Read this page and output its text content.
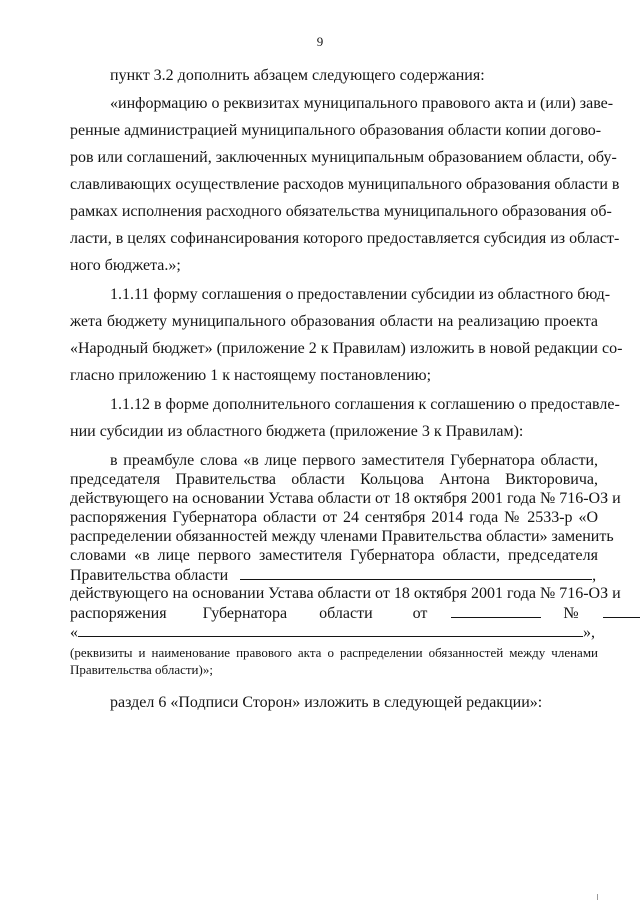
9
пункт 3.2 дополнить абзацем следующего содержания:
«информацию о реквизитах муниципального правового акта и (или) заве-
ренные администрацией муниципального образования области копии догово-
ров или соглашений, заключенных муниципальным образованием области, обу-
славливающих осуществление расходов муниципального образования области в
рамках исполнения расходного обязательства муниципального образования об-
ласти, в целях софинансирования которого предоставляется субсидия из област-
ного бюджета.»;
1.1.11 форму соглашения о предоставлении субсидии из областного бюд-
жета бюджету муниципального образования области на реализацию проекта
«Народный бюджет» (приложение 2 к Правилам) изложить в новой редакции со-
гласно приложению 1 к настоящему постановлению;
1.1.12 в форме дополнительного соглашения к соглашению о предоставле-
нии субсидии из областного бюджета (приложение 3 к Правилам):
в преамбуле слова «в лице первого заместителя Губернатора области,
председателя Правительства области Кольцова Антона Викторовича,
действующего на основании Устава области от 18 октября 2001 года № 716-ОЗ и
распоряжения Губернатора области от 24 сентября 2014 года № 2533-р «О
распределении обязанностей между членами Правительства области» заменить
словами «в лице первого заместителя Губернатора области, председателя
Правительства области	,
действующего на основании Устава области от 18 октября 2001 года № 716-ОЗ и
распоряжения Губернатора области	от	№
«	»,
(реквизиты и наименование правового акта о распределении обязанностей между членами
Правительства области)»;
раздел 6 «Подписи Сторон» изложить в следующей редакции»:
